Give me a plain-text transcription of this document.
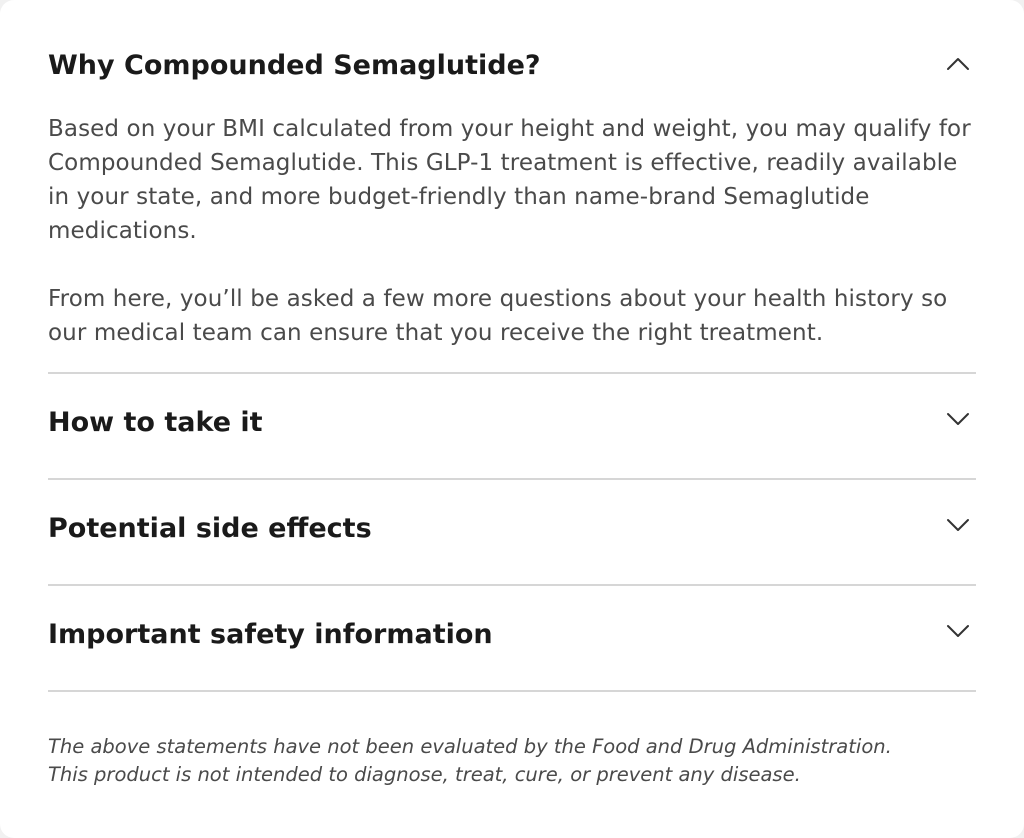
Why Compounded Semaglutide?

Based on your BMI calculated from your height and weight, you may qualify for Compounded Semaglutide. This GLP-1 treatment is effective, readily available in your state, and more budget-friendly than name-brand Semaglutide medications.

From here, you’ll be asked a few more questions about your health history so our medical team can ensure that you receive the right treatment.

How to take it
Potential side effects
Important safety information

The above statements have not been evaluated by the Food and Drug Administration.
This product is not intended to diagnose, treat, cure, or prevent any disease.
